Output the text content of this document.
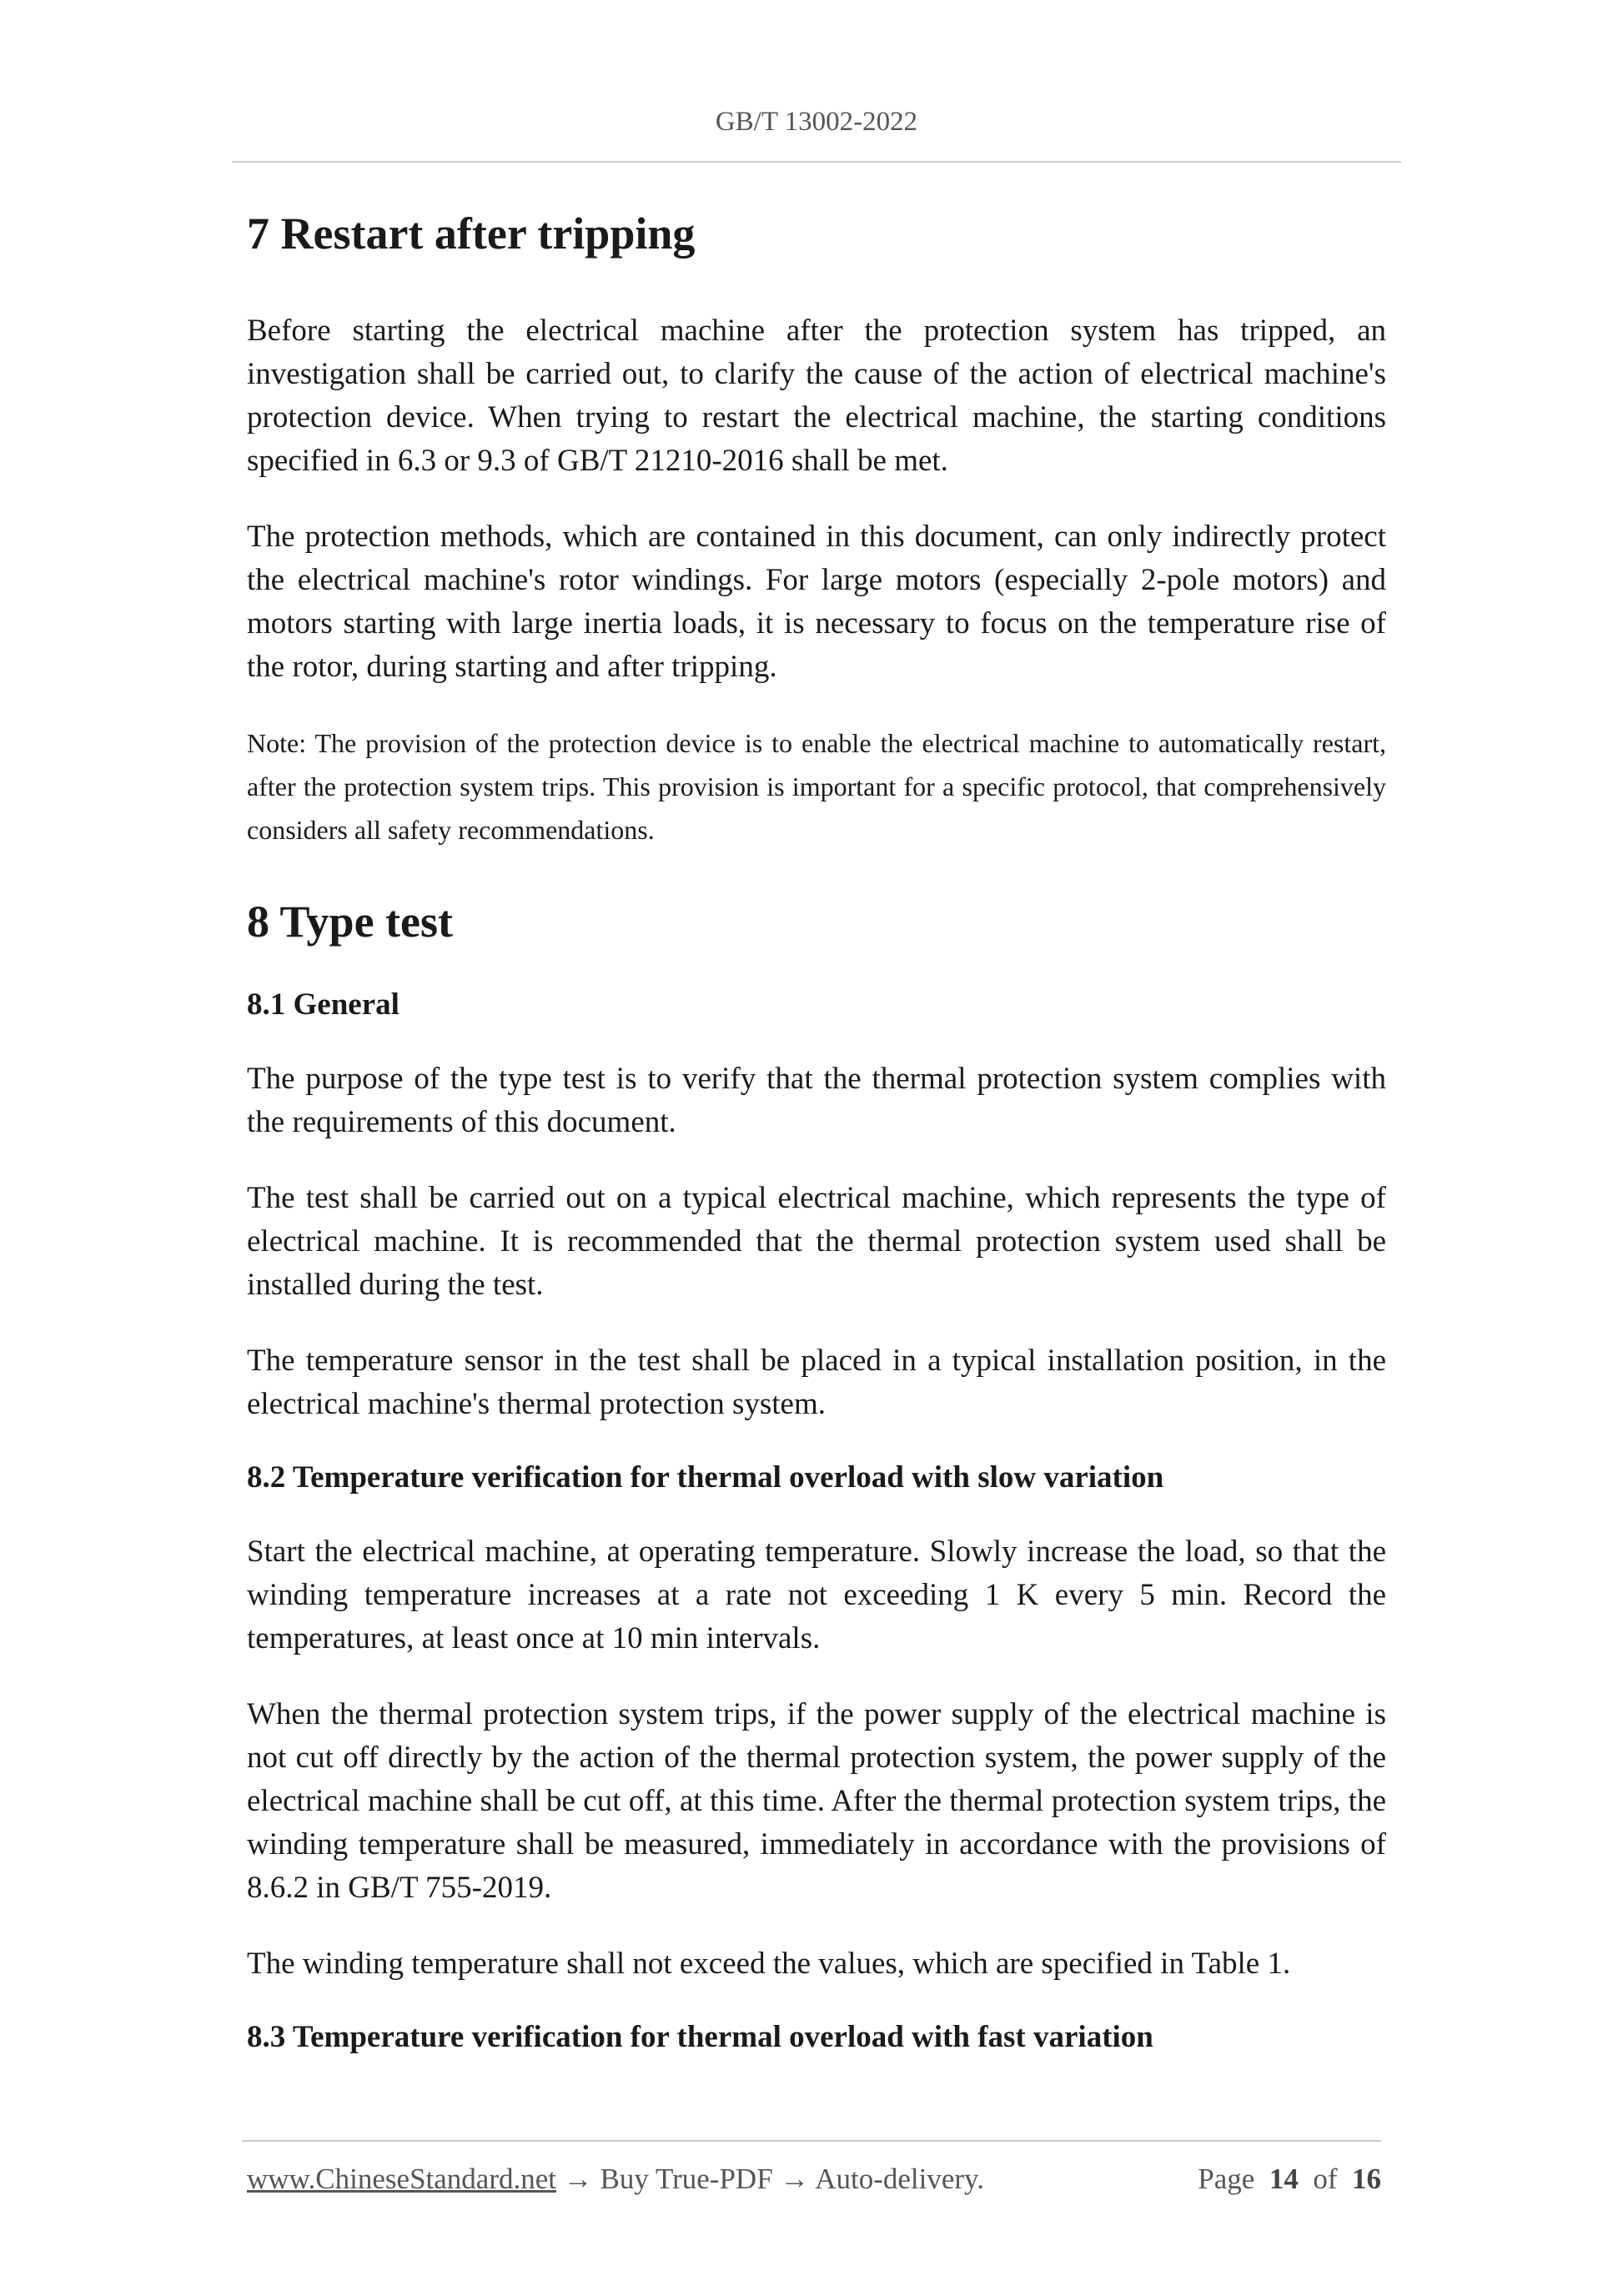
GB/T 13002-2022
7 Restart after tripping

Before starting the electrical machine after the protection system has tripped, an investigation shall be carried out, to clarify the cause of the action of electrical machine's protection device. When trying to restart the electrical machine, the starting conditions specified in 6.3 or 9.3 of GB/T 21210-2016 shall be met.

The protection methods, which are contained in this document, can only indirectly protect the electrical machine's rotor windings. For large motors (especially 2-pole motors) and motors starting with large inertia loads, it is necessary to focus on the temperature rise of the rotor, during starting and after tripping.

Note: The provision of the protection device is to enable the electrical machine to automatically restart, after the protection system trips. This provision is important for a specific protocol, that comprehensively considers all safety recommendations.

8 Type test
8.1 General

The purpose of the type test is to verify that the thermal protection system complies with the requirements of this document.

The test shall be carried out on a typical electrical machine, which represents the type of electrical machine. It is recommended that the thermal protection system used shall be installed during the test.

The temperature sensor in the test shall be placed in a typical installation position, in the electrical machine's thermal protection system.

8.2 Temperature verification for thermal overload with slow variation

Start the electrical machine, at operating temperature. Slowly increase the load, so that the winding temperature increases at a rate not exceeding 1 K every 5 min. Record the temperatures, at least once at 10 min intervals.

When the thermal protection system trips, if the power supply of the electrical machine is not cut off directly by the action of the thermal protection system, the power supply of the electrical machine shall be cut off, at this time. After the thermal protection system trips, the winding temperature shall be measured, immediately in accordance with the provisions of 8.6.2 in GB/T 755-2019.

The winding temperature shall not exceed the values, which are specified in Table 1.

8.3 Temperature verification for thermal overload with fast variation
www.ChineseStandard.net → Buy True-PDF → Auto-delivery.	Page 14 of 16
